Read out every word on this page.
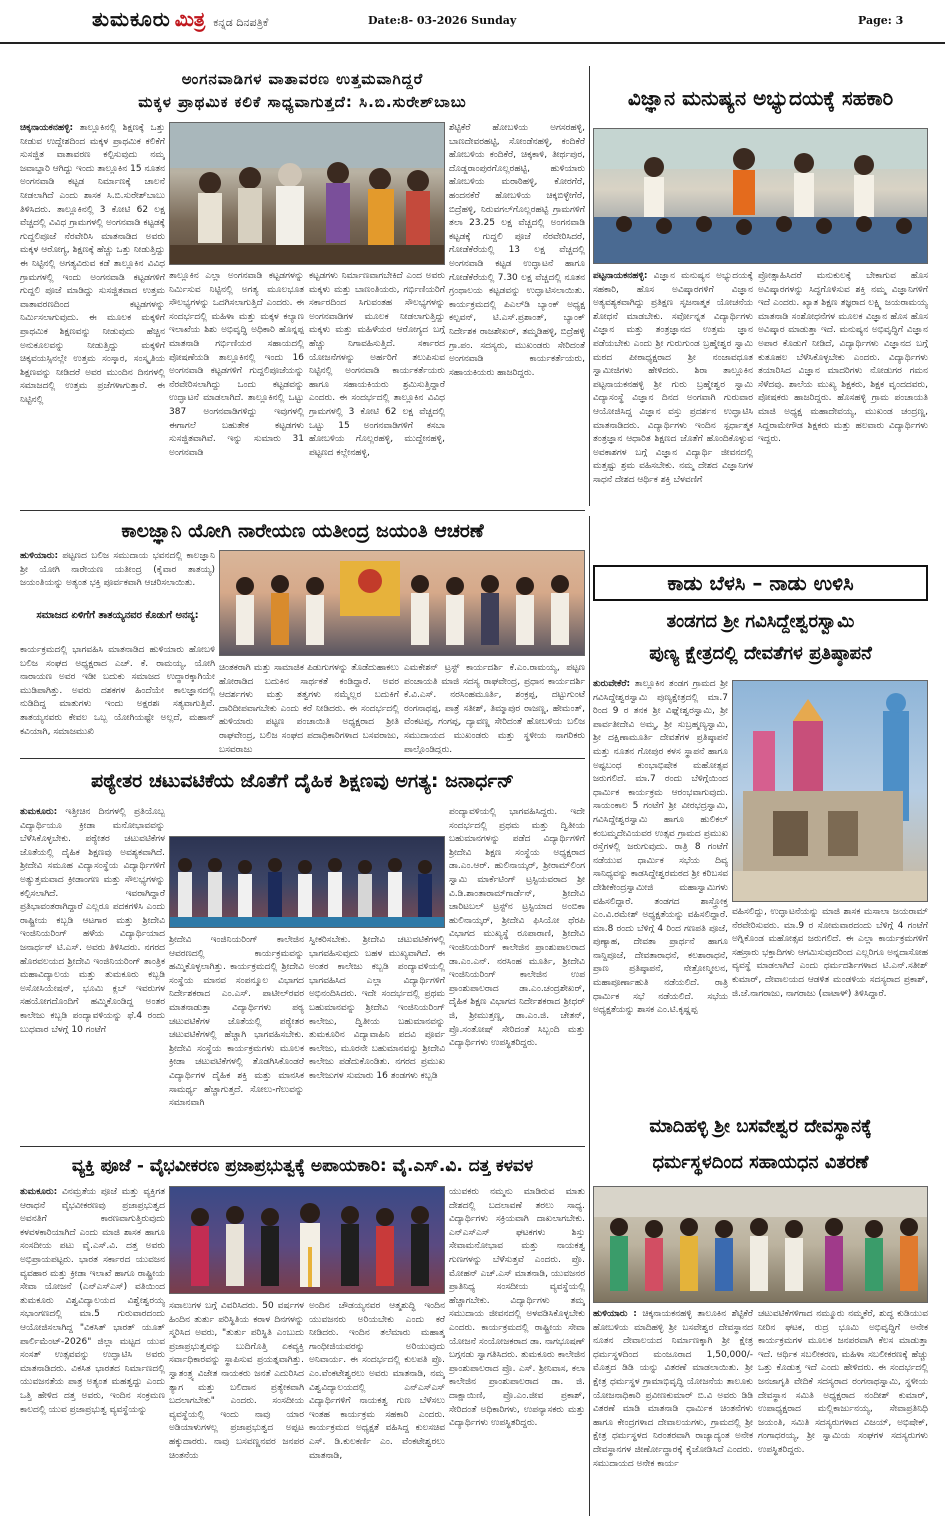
ತುಮಕೂರು ಮಿತ್ರ ಕನ್ನಡ ದಿನಪತ್ರಿಕೆ	Date:8- 03-2026 Sunday	Page: 3
ಅಂಗನವಾಡಿಗಳ ವಾತಾವರಣ ಉತ್ತಮವಾಗಿದ್ದರೆ
ಮಕ್ಕಳ ಪ್ರಾಥಮಿಕ ಕಲಿಕೆ ಸಾಧ್ಯವಾಗುತ್ತದೆ: ಸಿ.ಬಿ.ಸುರೇಶ್‌ಬಾಬು
ಚಿಕ್ಕನಾಯಕನಹಳ್ಳಿ: ತಾಲ್ಲೂಕಿನಲ್ಲಿ ಶಿಕ್ಷಣಕ್ಕೆ ಒತ್ತು ನೀಡುವ ಉದ್ದೇಶದಿಂದ ಮಕ್ಕಳ ಪ್ರಾಥಮಿಕ ಕಲಿಕೆಗೆ ಸುಸಜ್ಜಿತ ವಾತಾವರಣ ಕಲ್ಪಿಸುವುದು ನಮ್ಮ ಜವಾಬ್ದಾರಿ ಆಗಿದ್ದು ಇಂದು ತಾಲ್ಲೂಕಿನ 15 ನೂತನ ಅಂಗನವಾಡಿ ಕಟ್ಟಡ ನಿರ್ಮಾಣಕ್ಕೆ ಚಾಲನೆ ನೀಡಲಾಗಿದೆ ಎಂದು ಶಾಸಕ ಸಿ.ಬಿ.ಸುರೇಶ್‌ಬಾಬು ತಿಳಿಸಿದರು. ತಾಲ್ಲೂಕಿನಲ್ಲಿ 3 ಕೋಟಿ 62 ಲಕ್ಷ ವೆಚ್ಚದಲ್ಲಿ ವಿವಿಧ ಗ್ರಾಮಗಳಲ್ಲಿ ಅಂಗನವಾಡಿ ಕಟ್ಟಡಕ್ಕೆ ಗುದ್ದಲಿಪೂಜೆ ನೆರವೇರಿಸಿ ಮಾತನಾಡಿದ ಅವರು ಮಕ್ಕಳ ಆರೋಗ್ಯ, ಶಿಕ್ಷಣಕ್ಕೆ ಹೆಚ್ಚು ಒತ್ತು ನೀಡುತ್ತಿದ್ದು ಈ ನಿಟ್ಟಿನಲ್ಲಿ ಅಗತ್ಯವಿರುವ ಕಡೆ ತಾಲ್ಲೂಕಿನ ವಿವಿಧ ಗ್ರಾಮಗಳಲ್ಲಿ ಇಂದು ಅಂಗನವಾಡಿ ಕಟ್ಟಡಗಳಿಗೆ ಗುದ್ದಲಿ ಪೂಜೆ ಮಾಡಿದ್ದು ಸುಸಜ್ಜಿತವಾದ ಉತ್ತಮ ವಾತಾವರಣದಿಂದ ಕಟ್ಟಡಗಳನ್ನು ನಿರ್ಮಿಸಲಾಗುವುದು. ಈ ಮೂಲಕ ಮಕ್ಕಳಿಗೆ ಪ್ರಾಥಮಿಕ ಶಿಕ್ಷಣವನ್ನು ನೀಡುವುದು ಹೆಚ್ಚಿನ ಅನುಕೂಲವನ್ನು ನೀಡುತ್ತಿದ್ದು ಮಕ್ಕಳಿಗೆ ಚಿಕ್ಕವಯಸ್ಸಿನಲ್ಲೇ ಉತ್ತಮ ಸಂಸ್ಕಾರ, ಸಂಸ್ಕೃತಿಯ ಶಿಕ್ಷಣವನ್ನು ನೀಡಿದರೆ ಅವರ ಮುಂದಿನ ದಿನಗಳಲ್ಲಿ ಸಮಾಜದಲ್ಲಿ ಉತ್ತಮ ಪ್ರಜೆಗಳಾಗುತ್ತಾರೆ. ಈ ನಿಟ್ಟಿನಲ್ಲಿ
ತಾಲ್ಲೂಕಿನ ಎಲ್ಲಾ ಅಂಗನವಾಡಿ ಕಟ್ಟಡಗಳನ್ನು ನಿರ್ಮಿಸುವ ನಿಟ್ಟಿನಲ್ಲಿ ಅಗತ್ಯ ಮೂಲಭೂತ ಸೌಲಭ್ಯಗಳನ್ನು ಒದಗಿಸಲಾಗುತ್ತಿದೆ ಎಂದರು. ಈ ಸಂದರ್ಭದಲ್ಲಿ ಮಹಿಳಾ ಮತ್ತು ಮಕ್ಕಳ ಕಲ್ಯಾಣ ಇಲಾಖೆಯ ಶಿಶು ಅಭಿವೃದ್ಧಿ ಅಧಿಕಾರಿ ಹೊನ್ನಪ್ಪ ಮಾತನಾಡಿ ಗರ್ಭಿಣಿಯರ ಸಹಾಯದಲ್ಲಿ ಪೋಷಣೆಯಡಿ ತಾಲ್ಲೂಕಿನಲ್ಲಿ ಇಂದು 16 ಅಂಗನವಾಡಿ ಕಟ್ಟಡಗಳಿಗೆ ಗುದ್ದಲಿಪೂಜೆಯನ್ನು ನೆರವೇರಿಸಲಾಗಿದ್ದು ಒಂದು ಕಟ್ಟಡವನ್ನು ಉದ್ಘಾಟನೆ ಮಾಡಲಾಗಿದೆ. ತಾಲ್ಲೂಕಿನಲ್ಲಿ ಒಟ್ಟು 387 ಅಂಗನವಾಡಿಗಳಿದ್ದು ಇವುಗಳಲ್ಲಿ ಈಗಾಗಲೆ ಬಹುತೇಕ ಕಟ್ಟಡಗಳು ಸುಸಜ್ಜಿತವಾಗಿವೆ. ಇನ್ನು ಸುಮಾರು 31 ಅಂಗನವಾಡಿ
ಕಟ್ಟಡಗಳು ನಿರ್ಮಾಣವಾಗಬೇಕಿದೆ ಎಂದ ಅವರು ಮಕ್ಕಳು ಮತ್ತು ಬಾಣಂತಿಯರು, ಗರ್ಭಿಣಿಯರಿಗೆ ಸರ್ಕಾರದಿಂದ ಸಿಗುವಂತಹ ಸೌಲಭ್ಯಗಳನ್ನು ಅಂಗನವಾಡಿಗಳ ಮೂಲಕ ನೀಡಲಾಗುತ್ತಿದ್ದು ಮಕ್ಕಳು ಮತ್ತು ಮಹಿಳೆಯರ ಆರೋಗ್ಯದ ಬಗ್ಗೆ ಹೆಚ್ಚು ನಿಗಾವಹಿಸುತ್ತಿದೆ. ಸರ್ಕಾರದ ಯೋಜನೆಗಳನ್ನು ಅರ್ಹರಿಗೆ ತಲುಪಿಸುವ ನಿಟ್ಟಿನಲ್ಲಿ ಅಂಗನವಾಡಿ ಕಾರ್ಯಕರ್ತೆಯರು ಹಾಗೂ ಸಹಾಯಕಿಯರು ಶ್ರಮಿಸುತ್ತಿದ್ದಾರೆ ಎಂದರು. ಈ ಸಂದರ್ಭದಲ್ಲಿ ತಾಲ್ಲೂಕಿನ ವಿವಿಧ ಗ್ರಾಮಗಳಲ್ಲಿ 3 ಕೋಟಿ 62 ಲಕ್ಷ ವೆಚ್ಚದಲ್ಲಿ ಒಟ್ಟು 15 ಅಂಗನವಾಡಿಗಳಿಗೆ ಕಸಬಾ ಹೋಬಳಿಯ ಗೊಲ್ಲರಹಳ್ಳಿ, ಮುದ್ದೇನಹಳ್ಳಿ, ಪಟ್ಟಣದ ಕಲ್ಲೇನಹಳ್ಳಿ,
ಶೆಟ್ಟಿಕೆರೆ ಹೋಬಳಿಯ ಅಗಸರಹಳ್ಳಿ, ಬಾಣದೇವರಹಟ್ಟಿ, ಸೋಂಡೆನಹಳ್ಳಿ, ಕಂದಿಕೆರೆ ಹೋಬಳಿಯ ಕಂದಿಕೆರೆ, ಚಿಕ್ಕಕಾಳಿ, ತೀರ್ಥಪುರ, ದೊಡ್ಡರಾಂಪುರಗೊಲ್ಲರಹಟ್ಟಿ, ಹುಳಿಯಾರು ಹೋಬಳಿಯ ಮರಾಠಿಹಳ್ಳಿ, ಕೋರಗೆರೆ, ಹಂದನಕೆರೆ ಹೋಬಳಿಯ ಚಿಕ್ಕಬಿಳ್ಳೇಗೆರೆ, ಬಿದ್ರೆಹಳ್ಳಿ, ನಿರುವಗಲ್‌ಗೊಲ್ಲರಹಟ್ಟಿ ಗ್ರಾಮಗಳಿಗೆ ತಲಾ 23.25 ಲಕ್ಷ ವೆಚ್ಚದಲ್ಲಿ ಅಂಗನವಾಡಿ ಕಟ್ಟಡಕ್ಕೆ ಗುದ್ದಲಿ ಪೂಜೆ ನೆರವೇರಿಸಿದರೆ, ಗೋಡೆಕೆರೆಯಲ್ಲಿ 13 ಲಕ್ಷ ವೆಚ್ಚದಲ್ಲಿ ಅಂಗನವಾಡಿ ಕಟ್ಟಡ ಉದ್ಘಾಟನೆ ಹಾಗೂ ಗೋಡೆಕೆರೆಯಲ್ಲಿ 7.30 ಲಕ್ಷ ವೆಚ್ಚದಲ್ಲಿ ನೂತನ ಗ್ರಂಥಾಲಯ ಕಟ್ಟಡವನ್ನು ಉದ್ಘಾಟಿಸಲಾಯಿತು. ಕಾರ್ಯಕ್ರಮದಲ್ಲಿ ಪಿಎಲ್‌ಡಿ ಬ್ಯಾಂಕ್ ಅಧ್ಯಕ್ಷ ಕಲ್ಪವನ್, ಟಿ.ಎಸ್.ಪ್ರಶಾಂತ್, ಬ್ಯಾಂಕ್ ನಿರ್ದೇಶಕ ರಾಜಶೇಖರ್, ತಮ್ಮಡಿಹಳ್ಳಿ, ಬಿದ್ರೆಹಳ್ಳಿ ಗ್ರಾ.ಪಂ. ಸದಸ್ಯರು, ಮುಖಂಡರು ಸೇರಿದಂತೆ ಅಂಗನವಾಡಿ ಕಾರ್ಯಕರ್ತೆಯರು, ಸಹಾಯಕಿಯರು ಹಾಜರಿದ್ದರು.
ವಿಜ್ಞಾನ ಮನುಷ್ಯನ ಅಭ್ಯುದಯಕ್ಕೆ ಸಹಕಾರಿ
ಪಟ್ಟನಾಯಕನಹಳ್ಳಿ: ವಿಜ್ಞಾನ ಮನುಷ್ಯನ ಅಭ್ಯುದಯಕ್ಕೆ ಸಹಕಾರಿ, ಹೊಸ ಅವಿಷ್ಕಾರಗಳಿಗೆ ವಿಜ್ಞಾನ ಅತ್ಯವಶ್ಯಕವಾಗಿದ್ದು ಪ್ರತಿಕ್ಷಣ ಸೃಜನಾತ್ಮಕ ಯೋಚನೆಯ ಶೋಧನೆ ಮಾಡಬೇಕು. ಸರ್ವೋನ್ನತ ವಿದ್ಯಾರ್ಥಿಗಳು ವಿಜ್ಞಾನ ಮತ್ತು ತಂತ್ರಜ್ಞಾನದ ಉತ್ತಮ ಜ್ಞಾನ ಪಡೆಯಬೇಕು ಎಂದು ಶ್ರೀ ಗುರುಗುಂಡ ಬ್ರಹ್ಮೇಶ್ವರ ಸ್ವಾಮಿ ಮಠದ ಪೀಠಾಧ್ಯಕ್ಷರಾದ ಶ್ರೀ ನಂಜಾವಧೂತ ಸ್ವಾಮೀಜಿಗಳು ಹೇಳಿದರು. ಶಿರಾ ತಾಲ್ಲೂಕಿನ ಪಟ್ಟನಾಯಕನಹಳ್ಳಿ ಶ್ರೀ ಗುರು ಬ್ರಹ್ಮೇಶ್ವರ ಸ್ವಾಮಿ ವಿದ್ಯಾಸಂಸ್ಥೆ ವಿಜ್ಞಾನ ದಿನದ ಅಂಗವಾಗಿ ಗುರುವಾರ ಆಯೋಜಿಸಿದ್ದ ವಿಜ್ಞಾನ ವಸ್ತು ಪ್ರದರ್ಶನ ಉದ್ಘಾಟಿಸಿ ಮಾತನಾಡಿದರು. ವಿದ್ಯಾರ್ಥಿಗಳು ಇಂದಿನ ಸ್ಪರ್ಧಾತ್ಮಕ ತಂತ್ರಜ್ಞಾನ ಆಧಾರಿತ ಶಿಕ್ಷಣದ ಜೊತೆಗೆ ಹೊಂದಿಕೊಳ್ಳುವ ಅವಕಾಶಗಳ ಬಗ್ಗೆ ವಿಜ್ಞಾನ ವಿದ್ಯಾರ್ಥಿ ಜೀವನದಲ್ಲಿ ಮತ್ತಷ್ಟು ಶ್ರಮ ವಹಿಸಬೇಕು. ನಮ್ಮ ದೇಶದ ವಿಜ್ಞಾನಿಗಳ ಸಾಧನೆ ದೇಶದ ಆರ್ಥಿಕ ಶಕ್ತಿ ಬೆಳವಣಿಗೆ
ಪ್ರೋತ್ಸಾಹಿಸಿದರೆ ಮನುಕುಲಕ್ಕೆ ಬೇಕಾಗುವ ಹೊಸ ಅವಿಷ್ಕಾರಗಳನ್ನು ಸಿದ್ಧಗೊಳಿಸುವ ಶಕ್ತಿ ನಮ್ಮ ವಿಜ್ಞಾನಿಗಳಿಗೆ ಇದೆ ಎಂದರು. ಖ್ಯಾತ ಶಿಕ್ಷಣ ತಜ್ಞರಾದ ಲಕ್ಷ್ಮಿ ಜಯರಾಮಯ್ಯ ಮಾತನಾಡಿ ಸಂಶೋಧನೆಗಳ ಮೂಲಕ ವಿಜ್ಞಾನ ಹೊಸ ಹೊಸ ಅವಿಷ್ಕಾರ ಮಾಡುತ್ತಾ ಇದೆ. ಮನುಷ್ಯನ ಅಭಿವೃದ್ಧಿಗೆ ವಿಜ್ಞಾನ ಅಪಾರ ಕೊಡುಗೆ ನೀಡಿದೆ, ವಿದ್ಯಾರ್ಥಿಗಳು ವಿಜ್ಞಾನದ ಬಗ್ಗೆ ಕುತೂಹಲ ಬೆಳೆಸಿಕೊಳ್ಳಬೇಕು ಎಂದರು. ವಿದ್ಯಾರ್ಥಿಗಳು ತಯಾರಿಸಿದ ವಿಜ್ಞಾನ ಮಾದರಿಗಳು ನೋಡುಗರ ಗಮನ ಸೆಳೆದವು. ಶಾಲೆಯ ಮುಖ್ಯ ಶಿಕ್ಷಕರು, ಶಿಕ್ಷಕ ವೃಂದದವರು, ಪೋಷಕರು ಹಾಜರಿದ್ದರು. ಹೊಸಹಳ್ಳಿ ಗ್ರಾಮ ಪಂಚಾಯತಿ ಮಾಜಿ ಅಧ್ಯಕ್ಷ ಮಹಾದೇವಯ್ಯ, ಮುಖಂಡ ಚಂದ್ರಣ್ಣ, ಸಿದ್ದರಾಮೇಗೌಡ ಶಿಕ್ಷಕರು ಮತ್ತು ಹಲವಾರು ವಿದ್ಯಾರ್ಥಿಗಳು ಇದ್ದರು.
ಕಾಲಜ್ಞಾನಿ ಯೋಗಿ ನಾರೇಯಣ ಯತೀಂದ್ರ ಜಯಂತಿ ಆಚರಣೆ
ಹುಳಿಯಾರು: ಪಟ್ಟಣದ ಬಲಿಜ ಸಮುದಾಯ ಭವನದಲ್ಲಿ ಕಾಲಜ್ಞಾನಿ ಶ್ರೀ ಯೋಗಿ ನಾರೇಯಣ ಯತೀಂದ್ರ (ಕೈವಾರ ತಾತಯ್ಯ) ಜಯಂತಿಯನ್ನು ಅತ್ಯಂತ ಭಕ್ತಿ ಪೂರ್ವಕವಾಗಿ ಆಚರಿಸಲಾಯಿತು.
ಸಮಾಜದ ಏಳಿಗೆಗೆ ತಾತಯ್ಯನವರ ಕೊಡುಗೆ ಅನನ್ಯ:
ಕಾರ್ಯಕ್ರಮದಲ್ಲಿ ಭಾಗವಹಿಸಿ ಮಾತನಾಡಿದ ಹುಳಿಯಾರು ಹೋಬಳಿ ಬಲಿಜ ಸಂಘದ ಅಧ್ಯಕ್ಷರಾದ ಎಚ್. ಕೆ. ರಾಮಯ್ಯ, ಯೋಗಿ ನಾರಾಯಣ ಅವರ ಇಡೀ ಬದುಕು ಸಮಾಜದ ಉದ್ಧಾರಕ್ಕಾಗಿಯೇ ಮುಡಿಪಾಗಿತ್ತು. ಅವರು ದಶಕಗಳ ಹಿಂದೆಯೇ ಕಾಲಜ್ಞಾನದಲ್ಲಿ ನುಡಿದಿದ್ದ ಮಾತುಗಳು ಇಂದು ಅಕ್ಷರಶಃ ಸತ್ಯವಾಗುತ್ತಿವೆ. ತಾತಯ್ಯನವರು ಕೇವಲ ಒಬ್ಬ ಯೋಗಿಯಷ್ಟೇ ಅಲ್ಲದೆ, ಮಹಾನ್ ಕವಿಯಾಗಿ, ಸಮಾಜಮುಖಿ
ಚಿಂತಕರಾಗಿ ಮತ್ತು ಸಾಮಾಜಿಕ ಪಿಡುಗುಗಳನ್ನು ತೊಡೆದುಹಾಕಲು ಹೋರಾಡಿದ ಬದುಕಿನ ಸಾರ್ಥಕತೆ ಕಂಡಿದ್ದಾರೆ. ಅವರ ಆದರ್ಶಗಳು ಮತ್ತು ತತ್ವಗಳು ನಮ್ಮೆಲ್ಲರ ಬದುಕಿಗೆ ದಾರಿದೀಪವಾಗಬೇಕು ಎಂದು ಕರೆ ನೀಡಿದರು. ಈ ಸಂದರ್ಭದಲ್ಲಿ ಹುಳಿಯಾರು ಪಟ್ಟಣ ಪಂಚಾಯಿತಿ ಅಧ್ಯಕ್ಷರಾದ ಶ್ರೀತಿ ರಾಘವೇಂದ್ರ, ಬಲಿಜ ಸಂಘದ ಪದಾಧಿಕಾರಿಗಳಾದ ಬಸವರಾಜು, ಬಸವರಾಜು
ಎಮಕೇಶನ್ ಟ್ರಸ್ಟ್ ಕಾರ್ಯದರ್ಶಿ ಕೆ.ಎಂ.ರಾಮಯ್ಯ, ಪಟ್ಟಣ ಪಂಚಾಯತಿ ಮಾಜಿ ಸದಸ್ಯ ರಾಘವೇಂದ್ರ, ಪ್ರಧಾನ ಕಾರ್ಯದರ್ಶಿ ಕೆ.ವಿ.ಎಸ್. ನರಸಿಂಹಮೂರ್ತಿ, ಶಂಕ್ರಪ್ಪ, ದಟ್ಟುಗುಂಟೆ ರಂಗನಾಥಪ್ಪ, ಪಾತ್ರೆ ಸತೀಶ್, ತಿಮ್ಮಾಪುರ ರಾಜಣ್ಣ, ಹೇಮಂತ್, ವೆಂಕಟಪ್ಪ, ಗಂಗಪ್ಪ, ದ್ಯಾವಣ್ಣ ಸೇರಿದಂತೆ ಹೋಬಳಿಯ ಬಲಿಜ ಸಮುದಾಯದ ಮುಖಂಡರು ಮತ್ತು ಸ್ಥಳೀಯ ನಾಗರಿಕರು ಪಾಲ್ಗೊಂಡಿದ್ದರು.
ಕಾಡು ಬೆಳಸಿ – ನಾಡು ಉಳಿಸಿ
ತಂಡಗದ ಶ್ರೀ ಗವಿಸಿದ್ದೇಶ್ವರಸ್ವಾಮಿ
ಪುಣ್ಯ ಕ್ಷೇತ್ರದಲ್ಲಿ ದೇವತೆಗಳ ಪ್ರತಿಷ್ಠಾಪನೆ
ತುರುವೇಕೆರೆ: ತಾಲ್ಲೂಕಿನ ತಂಡಗ ಗ್ರಾಮದ ಶ್ರೀ ಗವಿಸಿದ್ದೇಶ್ವರಸ್ವಾಮಿ ಪುಣ್ಯಕ್ಷೇತ್ರದಲ್ಲಿ ಮಾ.7 ರಿಂದ 9 ರ ತನಕ ಶ್ರೀ ವಿಘ್ನೇಶ್ವರಸ್ವಾಮಿ, ಶ್ರೀ ಪಾರ್ವತೀದೇವಿ ಅಮ್ಮ, ಶ್ರೀ ಸುಬ್ರಹ್ಮಣ್ಯಸ್ವಾಮಿ, ಶ್ರೀ ದಕ್ಷಿಣಾಮೂರ್ತಿ ದೇವತೆಗಳ ಪ್ರತಿಷ್ಠಾಪನೆ ಮತ್ತು ನೂತನ ಗೋಪುರ ಕಳಸ ಸ್ಥಾಪನೆ ಹಾಗೂ ಅಷ್ಟಬಂಧ ಕುಂಭಾಭಿಷೇಕ ಮಹೋತ್ಸವ ಜರುಗಲಿದೆ. ಮಾ.7 ರಂದು ಬೆಳಿಗ್ಗೆಯಿಂದ ಧಾರ್ಮಿಕ ಕಾರ್ಯಕ್ರಮ ಆರಂಭವಾಗುವುದು. ಸಾಯಂಕಾಲ 5 ಗಂಟೆಗೆ ಶ್ರೀ ವೀರಭದ್ರಸ್ವಾಮಿ, ಗವಿಸಿದ್ದೇಶ್ವರಸ್ವಾಮಿ ಹಾಗೂ ಹುಲಿಕಲ್ ಕಂಬಮ್ಮದೇವಿಯವರ ಉತ್ಸವ ಗ್ರಾಮದ ಪ್ರಮುಖ ರಸ್ತೆಗಳಲ್ಲಿ ಜರುಗುವುದು. ರಾತ್ರಿ 8 ಗಂಟೆಗೆ ನಡೆಯುವ ಧಾರ್ಮಿಕ ಸಭೆಯ ದಿವ್ಯ ಸಾನಿಧ್ಯವನ್ನು ಕಾಡಸಿದ್ದೇಶ್ವರಮಠದ ಶ್ರೀ ಕರಿಬಸವ ದೇಶೀಕೇಂದ್ರಸ್ವಾಮೀಜಿ ಮಹಾಸ್ವಾಮಿಗಳು ವಹಿಸಲಿದ್ದಾರೆ. ತಂಡಗದ ಶಾಸ್ತ್ರೋಕ್ತ ಎಂ.ವಿ.ರಮೇಶ್ ಅಧ್ಯಕ್ಷತೆಯನ್ನು ವಹಿಸಲಿದ್ದಾರೆ. ಮಾ.8 ರಂದು ಬೆಳಿಗ್ಗೆ 4 ರಿಂದ ಗಣಪತಿ ಪೂಜೆ, ಪುಣ್ಯಾಹ, ದೇವತಾ ಪ್ರಾರ್ಥನೆ ಹಾಗೂ ನಾನ್ದಿಪೂಜೆ, ದೇವತಾರಾಧನೆ, ಕಲಶಾರಾಧನೆ, ಪ್ರಾಣ ಪ್ರತಿಷ್ಠಾಪನೆ, ನೇತ್ರೋನ್ಮೀಲನ, ಮಹಾಪೂರ್ಣಾಹುತಿ ನಡೆಯಲಿದೆ. ರಾತ್ರಿ ಧಾರ್ಮಿಕ ಸಭೆ ನಡೆಯಲಿದೆ. ಸಭೆಯ ಅಧ್ಯಕ್ಷತೆಯನ್ನು ಶಾಸಕ ಎಂ.ಟಿ.ಕೃಷ್ಣಪ್ಪ
ವಹಿಸಲಿದ್ದು, ಉದ್ಘಾಟನೆಯನ್ನು ಮಾಜಿ ಶಾಸಕ ಮಸಾಲಾ ಜಯರಾಮ್ ನೆರವೇರಿಸುವರು. ಮಾ.9 ರ ಸೋಮವಾರದಂದು ಬೆಳಿಗ್ಗೆ 4 ಗಂಟೆಗೆ ಅಗ್ನಿಕೊಂಡ ಮಹೋತ್ಸವ ಜರುಗಲಿದೆ. ಈ ಎಲ್ಲಾ ಕಾರ್ಯಕ್ರಮಗಳಿಗೆ ಸಹಸ್ರಾರು ಭಕ್ತಾದಿಗಳು ಆಗಮಿಸುವುದರಿಂದ ಎಲ್ಲರಿಗೂ ಅನ್ನದಾಸೋಹ ವ್ಯವಸ್ಥೆ ಮಾಡಲಾಗಿದೆ ಎಂದು ಧರ್ಮದರ್ಶಿಗಳಾದ ಟಿ.ಎನ್.ಸತೀಶ್ ಕುಮಾರ್, ದೇವಾಲಯದ ಆಡಳಿತ ಮಂಡಳಿಯ ಸದಸ್ಯರಾದ ಪ್ರಕಾಶ್, ಜಿ.ಜೆ.ನಾಗರಾಜು, ನಾಗರಾಜು (ವಾಟಾಳ್) ತಿಳಿಸಿದ್ದಾರೆ.
ಪಠ್ಯೇತರ ಚಟುವಟಿಕೆಯ ಜೊತೆಗೆ ದೈಹಿಕ ಶಿಕ್ಷಣವು ಅಗತ್ಯ: ಜನಾರ್ಧನ್
ತುಮಕೂರು: ಇತ್ತೀಚಿನ ದಿನಗಳಲ್ಲಿ ಪ್ರತಿಯೊಬ್ಬ ವಿದ್ಯಾರ್ಥಿಯೂ ಕ್ರೀಡಾ ಮನೋಭಾವವನ್ನು ಬೆಳೆಸಿಕೊಳ್ಳಬೇಕು. ಪಠ್ಯೇತರ ಚಟುವಟಿಕೆಗಳ ಜೊತೆಯಲ್ಲಿ ದೈಹಿಕ ಶಿಕ್ಷಣವು ಅವಶ್ಯಕವಾಗಿದೆ. ಶ್ರೀದೇವಿ ಸಮೂಹ ವಿದ್ಯಾಸಂಸ್ಥೆಯ ವಿದ್ಯಾರ್ಥಿಗಳಿಗೆ ಅತ್ಯುತ್ತಮವಾದ ಕ್ರೀಡಾಂಗಣ ಮತ್ತು ಸೌಲಭ್ಯಗಳನ್ನು ಕಲ್ಪಿಸಲಾಗಿದೆ. ಇವರಾಗಿದ್ದಾರೆ ಪ್ರತಿಭಾವಂತರಾಗಿದ್ದಾರೆ ಎಲ್ಲರೂ ಪದಕಗಳಿಸಿ ಎಂದು ರಾಷ್ಟ್ರೀಯ ಕಬ್ಬಡಿ ಆಟಗಾರ ಮತ್ತು ಶ್ರೀದೇವಿ ಇಂಜಿನಿಯರಿಂಗ್ ಹಳೆಯ ವಿದ್ಯಾರ್ಥಿಯಾದ ಜನಾರ್ಧನ್ ಟಿ.ಎಸ್. ಅವರು ತಿಳಿಸಿದರು. ನಗರದ ಹೊರವಲಯದ ಶ್ರೀದೇವಿ ಇಂಜಿನಿಯರಿಂಗ್ ತಾಂತ್ರಿಕ ಮಹಾವಿದ್ಯಾಲಯ ಮತ್ತು ತುಮಕೂರು ಕಬ್ಬಡಿ ಅಸೋಸಿಯೇಷನ್, ಭೂಮಿ ಕ್ಲಬ್ ಇವರುಗಳ ಸಹಯೋಗದೊಂದಿಗೆ ಹಮ್ಮಿಕೊಂಡಿದ್ದ ಅಂತರ ಕಾಲೇಜು ಕಬ್ಬಡಿ ಪಂದ್ಯಾವಳಿಯನ್ನು ಫೆ.4 ರಂದು ಬುಧವಾರ ಬೆಳಗ್ಗೆ 10 ಗಂಟೆಗೆ
ಶ್ರೀದೇವಿ ಇಂಜಿನಿಯರಿಂಗ್ ಕಾಲೇಜಿನ ಆವರಣದಲ್ಲಿ ಕಾರ್ಯಕ್ರಮವನ್ನು ಹಮ್ಮಿಕೊಳ್ಳಲಾಗಿತ್ತು. ಕಾರ್ಯಕ್ರಮದಲ್ಲಿ ಶ್ರೀದೇವಿ ಸಂಸ್ಥೆಯ ಮಾನವ ಸಂಪನ್ಮೂಲ ವಿಭಾಗದ ನಿರ್ದೇಶಕರಾದ ಎಂ.ಎಸ್. ಪಾಟೀಲ್‌ರವರ ಮಾತನಾಡುತ್ತಾ ವಿದ್ಯಾರ್ಥಿಗಳು ಪಠ್ಯ ಚಟುವಟಿಕೆಗಳ ಜೊತೆಯಲ್ಲಿ ಪಠ್ಯೇತರ ಚಟುವಟಿಕೆಗಳಲ್ಲಿ ಹೆಚ್ಚಾಗಿ ಭಾಗವಹಿಸಬೇಕು. ಶ್ರೀದೇವಿ ಸಂಸ್ಥೆಯ ಕಾರ್ಯಕ್ರಮಗಳು ಮೂಲಕ ಕ್ರೀಡಾ ಚಟುವಟಿಕೆಗಳಲ್ಲಿ ತೊಡಗಿಸಿಕೊಂಡರೆ ವಿದ್ಯಾರ್ಥಿಗಳ ದೈಹಿಕ ಶಕ್ತಿ ಮತ್ತು ಮಾನಸಿಕ ಸಾಮರ್ಥ್ಯ ಹೆಚ್ಚಾಗುತ್ತದೆ. ಸೋಲು-ಗೆಲುವನ್ನು ಸಮಾನವಾಗಿ
ಸ್ವೀಕರಿಸಬೇಕು. ಶ್ರೀದೇವಿ ಚಟುವಟಿಕೆಗಳಲ್ಲಿ ಭಾಗವಹಿಸುವುದು ಬಹಳ ಮುಖ್ಯವಾಗಿದೆ. ಈ ಅಂತರ ಕಾಲೇಜು ಕಬ್ಬಡಿ ಪಂದ್ಯಾವಳಿಯಲ್ಲಿ ಭಾಗವಹಿಸಿದ ಎಲ್ಲಾ ವಿದ್ಯಾರ್ಥಿಗಳಿಗೆ ಅಭಿನಂದಿಸಿದರು. ಇದೇ ಸಂದರ್ಭದಲ್ಲಿ ಪ್ರಥಮ ಬಹುಮಾನವನ್ನು ಶ್ರೀದೇವಿ ಇಂಜಿನಿಯರಿಂಗ್ ಕಾಲೇಜು, ದ್ವಿತೀಯ ಬಹುಮಾನವನ್ನು ತುಮಕೂರಿನ ವಿದ್ಯಾವಾಹಿನಿ ಪದವಿ ಪೂರ್ವ ಕಾಲೇಜು, ಮೂರನೇ ಬಹುಮಾನವನ್ನು ಶ್ರೀದೇವಿ ಕಾಲೇಜು ಪಡೆದುಕೊಂಡಿತು. ನಗರದ ಪ್ರಮುಖ ಕಾಲೇಜುಗಳ ಸುಮಾರು 16 ತಂಡಗಳು ಕಬ್ಬಡಿ
ಪಂದ್ಯಾವಳಿಯಲ್ಲಿ ಭಾಗವಹಿಸಿದ್ದರು. ಇದೇ ಸಂದರ್ಭದಲ್ಲಿ ಪ್ರಥಮ ಮತ್ತು ದ್ವಿತೀಯ ಬಹುಮಾನಗಳನ್ನು ಪಡೆದ ವಿದ್ಯಾರ್ಥಿಗಳಿಗೆ ಶ್ರೀದೇವಿ ಶಿಕ್ಷಣ ಸಂಸ್ಥೆಯ ಅಧ್ಯಕ್ಷರಾದ ಡಾ.ಎಂ.ಆರ್. ಹುಲಿನಾಯ್ಕರ್, ಶ್ರೀರಾಮ್‌ಲಿಂಗ ಸ್ವಾಮಿ ಮಾರ್ಕೆಟಿಂಗ್ ಟ್ರಸ್ಟಿಯವರಾದ ಶ್ರೀ ವಿ.ಡಿ.ಶಾಂತಾರಾಮ್‌ಗಾರ್ಡೆನ್, ಶ್ರೀದೇವಿ ಚಾರಿಟಬಲ್ ಟ್ರಸ್ಟ್‌ನ ಟ್ರಸ್ಟಿಯಾದ ಅಂಬಿಕಾ ಹುಲಿನಾಯ್ಕರ್, ಶ್ರೀದೇವಿ ಫಿಸಿಯೋ ಥೆರಪಿ ವಿಭಾಗದ ಮುಖ್ಯಸ್ಥೆ ರೂಪಾರಾಣಿ, ಶ್ರೀದೇವಿ ಇಂಜಿನಿಯರಿಂಗ್ ಕಾಲೇಜಿನ ಪ್ರಾಂಶುಪಾಲರಾದ ಡಾ.ಎಂ.ಎನ್. ನರಸಿಂಹ ಮೂರ್ತಿ, ಶ್ರೀದೇವಿ ಇಂಜಿನಿಯರಿಂಗ್ ಕಾಲೇಜಿನ ಉಪ ಪ್ರಾಂಶುಪಾಲರಾದ ಡಾ.ಎಂ.ಚಂದ್ರಶೇಖರ್, ದೈಹಿಕ ಶಿಕ್ಷಣ ವಿಭಾಗದ ನಿರ್ದೇಶಕರಾದ ಶ್ರೀಧರ್ ಜಿ, ಶ್ರೀಮುತ್ತಣ್ಣ, ಡಾ.ಎಂ.ಜಿ. ಚೇತನ್, ಪ್ರೊ.ಸಂತೋಷ್ ಸೇರಿದಂತೆ ಸಿಬ್ಬಂದಿ ಮತ್ತು ವಿದ್ಯಾರ್ಥಿಗಳು ಉಪಸ್ಥಿತರಿದ್ದರು.
ಮಾದಿಹಳ್ಳಿ ಶ್ರೀ ಬಸವೇಶ್ವರ ದೇವಸ್ಥಾನಕ್ಕೆ
ಧರ್ಮಸ್ಥಳದಿಂದ ಸಹಾಯಧನ ವಿತರಣೆ
ಹುಳಿಯಾರು : ಚಿಕ್ಕನಾಯಕನಹಳ್ಳಿ ತಾಲೂಕಿನ ಶೆಟ್ಟಿಕೆರೆ ಹೋಬಳಿಯ ಮಾದಿಹಳ್ಳಿ ಶ್ರೀ ಬಸವೇಶ್ವರ ದೇವಸ್ಥಾನದ ನೂತನ ದೇವಾಲಯದ ನಿರ್ಮಾಣಕ್ಕಾಗಿ ಶ್ರೀ ಕ್ಷೇತ್ರ ಧರ್ಮಸ್ಥಳದಿಂದ ಮಂಜೂರಾದ 1,50,000/- ಮೊತ್ತದ ಡಿಡಿ ಯನ್ನು ವಿತರಣೆ ಮಾಡಲಾಯಿತು. ಶ್ರೀ ಕ್ಷೇತ್ರ ಧರ್ಮಸ್ಥಳ ಗ್ರಾಮಾಭಿವೃದ್ಧಿ ಯೋಜನೆಯ ತಾಲೂಕು ಯೋಜನಾಧಿಕಾರಿ ಪ್ರವೀಣಕುಮಾರ್ ಬಿ.ವಿ ಅವರು ಡಿಡಿ ವಿತರಣೆ ಮಾಡಿ ಮಾತನಾಡಿ ಧಾರ್ಮಿಕ ಚಿಂತನೆಗಳು ಹಾಗೂ ಕೇಂದ್ರಗಳಾದ ದೇವಾಲಯಗಳು, ಗ್ರಾಮದಲ್ಲಿ ಶ್ರೀ ಕ್ಷೇತ್ರ ಧರ್ಮಸ್ಥಳದ ನಿರಂತರವಾಗಿ ರಾಜ್ಯಾದ್ಯಂತ ಅನೇಕ ದೇವಸ್ಥಾನಗಳ ಜೀರ್ಣೋದ್ಧಾರಕ್ಕೆ ಕೈಜೋಡಿಸಿದೆ ಎಂದರು. ಸಮುದಾಯದ ಅನೇಕ ಕಾರ್ಯ
ಚಟುವಟಿಕೆಗಳಿಗಾದ ನಮ್ಮೂರು ನಮ್ಮಕೆರೆ, ಶುದ್ಧ ಕುಡಿಯುವ ನೀರಿನ ಘಟಕ, ರುದ್ರ ಭೂಮಿ ಅಭಿವೃದ್ಧಿಗೆ ಅನೇಕ ಕಾರ್ಯಕ್ರಮಗಳ ಮೂಲಕ ಜನಪರವಾಗಿ ಕೆಲಸ ಮಾಡುತ್ತಾ ಇದೆ. ಆರ್ಥಿಕ ಸಬಲೀಕರಣ, ಮಹಿಳಾ ಸಬಲೀಕರಣಕ್ಕೆ ಹೆಚ್ಚು ಒತ್ತು ಕೊಡುತ್ತ ಇದೆ ಎಂದು ಹೇಳಿದರು. ಈ ಸಂದರ್ಭದಲ್ಲಿ ಜನಜಾಗೃತಿ ವೇದಿಕೆ ಸದಸ್ಯರಾದ ರಂಗನಾಥಸ್ವಾಮಿ, ಸ್ಥಳೀಯ ದೇವಸ್ಥಾನ ಸಮಿತಿ ಅಧ್ಯಕ್ಷರಾದ ನಂದೀಶ್ ಕುಮಾರ್, ಉಪಾಧ್ಯಕ್ಷರಾದ ಮಲ್ಲಿಕಾರ್ಜುನಯ್ಯ, ಸೇವಾಪ್ರತಿನಿಧಿ ಜಯಂತಿ, ಸಮಿತಿ ಸದಸ್ಯರುಗಳಾದ ವಿಜಯ್, ಅಭಿಷೇಕ್, ಗಂಗಾಧರಯ್ಯ, ಶ್ರೀ ಸ್ವಾಮಿಯ ಸಂಘಗಳ ಸದಸ್ಯರುಗಳು ಉಪಸ್ಥಿತರಿದ್ದರು.
ವ್ಯಕ್ತಿ ಪೂಜೆ - ವೈಭವೀಕರಣ ಪ್ರಜಾಪ್ರಭುತ್ವಕ್ಕೆ ಅಪಾಯಕಾರಿ: ವೈ.ಎಸ್.ವಿ. ದತ್ತ ಕಳವಳ
ತುಮಕೂರು: ವಿನಮ್ರತೆಯ ಪೂಜೆ ಮತ್ತು ವ್ಯಕ್ತಿಗತ ಆರಾಧನೆ ವೈಭವೀಕರಣವು ಪ್ರಜಾಪ್ರಭುತ್ವದ ಅವನತಿಗೆ ಕಾರಣವಾಗುತ್ತಿರುವುದು ಕಳವಳಕಾರಿಯಾಗಿದೆ ಎಂದು ಮಾಜಿ ಶಾಸಕ ಹಾಗೂ ಸಂಸದೀಯ ಪಟು ವೈ.ಎಸ್.ವಿ. ದತ್ತ ಅವರು ಅಭಿಪ್ರಾಯಪಟ್ಟರು. ಭಾರತ ಸರ್ಕಾರದ ಯುವಜನ ವ್ಯವಹಾರ ಮತ್ತು ಕ್ರೀಡಾ ಇಲಾಖೆ ಹಾಗೂ ರಾಷ್ಟ್ರೀಯ ಸೇವಾ ಯೋಜನೆ (ಎನ್‌ಎಸ್‌ಎಸ್) ವತಿಯಿಂದ ತುಮಕೂರು ವಿಶ್ವವಿದ್ಯಾಲಯದ ವಿಶ್ವೇಶ್ವರಯ್ಯ ಸಭಾಂಗಣದಲ್ಲಿ ಮಾ.5 ಗುರುವಾರದಂದು ಆಯೋಜಿಸಲಾಗಿದ್ದ "ವಿಕಸಿತ್ ಭಾರತ್ ಯೂತ್ ಪಾರ್ಲಿಮೆಂಟ್-2026" ಜಿಲ್ಲಾ ಮಟ್ಟದ ಯುವ ಸಂಸತ್ ಉತ್ಸವವನ್ನು ಉದ್ಘಾಟಿಸಿ ಅವರು ಮಾತನಾಡಿದರು. ವಿಕಸಿತ ಭಾರತದ ನಿರ್ಮಾಣದಲ್ಲಿ ಯುವಜನತೆಯ ಪಾತ್ರ ಅತ್ಯಂತ ಮಹತ್ವದ್ದು ಎಂದು ಒತ್ತಿ ಹೇಳಿದ ದತ್ತ ಅವರು, ಇಂದಿನ ಸಂಕ್ರಮಣ ಕಾಲದಲ್ಲಿ ಯುವ ಪ್ರಜಾಪ್ರಭುತ್ವ ವ್ಯವಸ್ಥೆಯನ್ನು
ಸವಾಲುಗಳ ಬಗ್ಗೆ ವಿವರಿಸಿದರು. 50 ವರ್ಷಗಳ ಹಿಂದಿನ ತುರ್ತು ಪರಿಸ್ಥಿತಿಯ ಕರಾಳ ದಿನಗಳನ್ನು ಸ್ಮರಿಸಿದ ಅವರು, "ತುರ್ತು ಪರಿಸ್ಥಿತಿ ಎಂಬುದು ಪ್ರಜಾಪ್ರಭುತ್ವವನ್ನು ಬುದಿಗೊತ್ತಿ ಏಕವ್ಯಕ್ತಿ ಸರ್ವಾಧಿಕಾರವನ್ನು ಸ್ಥಾಪಿಸುವ ಪ್ರಯತ್ನವಾಗಿತ್ತು. ಸ್ವಾತಂತ್ರ್ಯ ವಿಜೇತ ನಾಯಕರು ಜನತೆ ಎದುರಿಸಿದ ತ್ಯಾಗ ಮತ್ತು ಬಲಿದಾನ ಪ್ರತ್ಯೇಕವಾಗಿ ಬದಲಾಗಬೇಕು" ಎಂದರು. ಸಂಸದೀಯ ವ್ಯವಸ್ಥೆಯಲ್ಲಿ ಇಂದು ನಾವು ಯಾರ ಅಡಿಯಾಳುಗಳಲ್ಲ ಪ್ರಜಾಪ್ರಭುತ್ವದ ಅಪ್ಪಟ ಹಕ್ಕುದಾರರು. ನಾವು ಬಸವಣ್ಣನವರ ಜನಪರ ಚಿಂತನೆಯ
ಅಂದಿನ ಚೌಡಯ್ಯನವರ ಆತ್ಮಶುದ್ಧಿ ಇಂದಿನ ಯುವಜನರು ಅರಿಯಬೇಕು ಎಂದು ಕರೆ ನೀಡಿದರು. ಇಂದಿನ ತಲೆಮಾರು ಮಹಾತ್ಮ ಗಾಂಧೀಜಿಯವರನ್ನು ಅರಿಯುವುದು ಅನಿವಾರ್ಯ. ಈ ಸಂದರ್ಭದಲ್ಲಿ ಕುಲಪತಿ ಪ್ರೊ. ಎಂ.ವೆಂಕಟೇಶ್ವರಲು ಅವರು ಮಾತನಾಡಿ, ನಮ್ಮ ವಿಶ್ವವಿದ್ಯಾಲಯದಲ್ಲಿ ಎನ್‌ಎಸ್‌ಎಸ್ ವಿದ್ಯಾರ್ಥಿಗಳಿಗೆ ನಾಯಕತ್ವ ಗುಣ ಬೆಳೆಸಲು ಇಂತಹ ಕಾರ್ಯಕ್ರಮ ಸಹಕಾರಿ ಎಂದರು. ಕಾರ್ಯಕ್ರಮದ ಅಧ್ಯಕ್ಷತೆ ವಹಿಸಿದ್ದ ಕುಲಸಚಿವ ಎಸ್. ಡಿ.ಕುಲಕರ್ಣಿ ಎಂ. ವೆಂಕಟೇಶ್ವರಲು ಮಾತನಾಡಿ,
ಯುವಕರು ನಮ್ಮನು ಮಾಡಿರುವ ಮಾತು ದೇಶದಲ್ಲಿ ಬದಲಾವಣೆ ತರಲು ಸಾಧ್ಯ. ವಿದ್ಯಾರ್ಥಿಗಳು ಸಕ್ರಿಯವಾಗಿ ದಾಖಲಾಗಬೇಕು. ಎನ್‌ಎಸ್‌ಎಸ್ ಘಟಕಗಳು ಶಿಸ್ತು ಸೇವಾಮನೋಭಾವ ಮತ್ತು ನಾಯಕತ್ವ ಗುಣಗಳನ್ನು ಬೆಳೆಸುತ್ತವೆ ಎಂದರು. ಪ್ರೊ. ಮೋಹನ್ ಎಚ್.ಎಸ್ ಮಾತನಾಡಿ, ಯುವಜನರ ಪ್ರಾತಿನಿಧ್ಯ ಸಂಸದೀಯ ವ್ಯವಸ್ಥೆಯಲ್ಲಿ ಹೆಚ್ಚಾಗಬೇಕು. ವಿದ್ಯಾರ್ಥಿಗಳು ತಮ್ಮ ಸಮುದಾಯ ಜೀವನದಲ್ಲಿ ಅಳವಡಿಸಿಕೊಳ್ಳಬೇಕು ಎಂದರು. ಕಾರ್ಯಕ್ರಮದಲ್ಲಿ ರಾಷ್ಟ್ರೀಯ ಸೇವಾ ಯೋಜನೆ ಸಂಯೋಜಕರಾದ ಡಾ. ನಾಗಭೂಷಣ್ ಬಗ್ಗನಡು ಸ್ವಾಗತಿಸಿದರು. ತುಮಕೂರು ಕಾಲೇಜಿನ ಪ್ರಾಂಶುಪಾಲರಾದ ಪ್ರೊ. ಎಸ್. ಶ್ರೀನಿವಾಸ, ಕಲಾ ಕಾಲೇಜಿನ ಪ್ರಾಂಶುಪಾಲರಾದ ಡಾ. ಜಿ. ದಾಕ್ಷಾಯಿಣಿ, ಪ್ರೊ.ಎಂ.ಜೀವ ಪ್ರಕಾಶ್, ಸೇರಿದಂತೆ ಅಧಿಕಾರಿಗಳು, ಉಪನ್ಯಾಸಕರು ಮತ್ತು ವಿದ್ಯಾರ್ಥಿಗಳು ಉಪಸ್ಥಿತರಿದ್ದರು.
